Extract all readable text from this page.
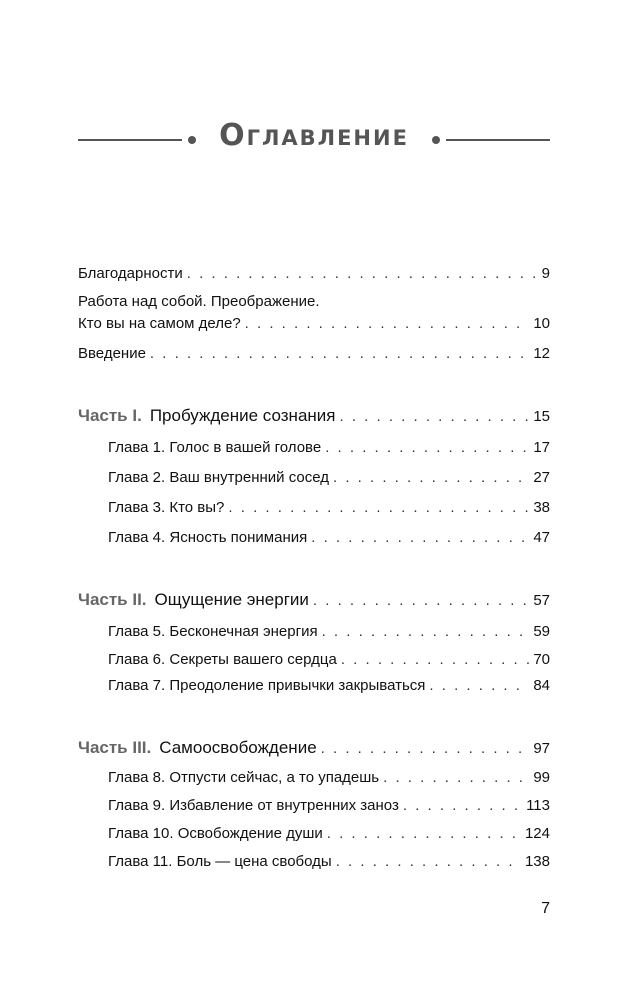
Оглавление
Благодарности . . .	9
Работа над собой. Преображение.
Кто вы на самом деле? . . .	10
Введение . . .	12
Часть I. Пробуждение сознания . . .	15
Глава 1. Голос в вашей голове . . .	17
Глава 2. Ваш внутренний сосед . . .	27
Глава 3. Кто вы? . . .	38
Глава 4. Ясность понимания . . .	47
Часть II. Ощущение энергии . . .	57
Глава 5. Бесконечная энергия . . .	59
Глава 6. Секреты вашего сердца . . .	70
Глава 7. Преодоление привычки закрываться . . .	84
Часть III. Самоосвобождение . . .	97
Глава 8. Отпусти сейчас, а то упадешь . . .	99
Глава 9. Избавление от внутренних заноз . . .	113
Глава 10. Освобождение души . . .	124
Глава 11. Боль — цена свободы . . .	138
7
